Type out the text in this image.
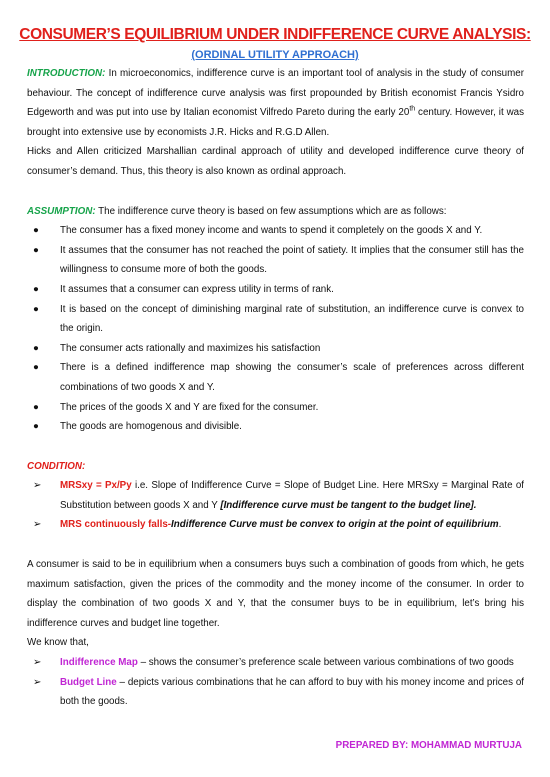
CONSUMER’S EQUILIBRIUM UNDER INDIFFERENCE CURVE ANALYSIS:
(ORDINAL UTILITY APPROACH)

INTRODUCTION: In microeconomics, indifference curve is an important tool of analysis in the study of consumer behaviour. The concept of indifference curve analysis was first propounded by British economist Francis Ysidro Edgeworth and was put into use by Italian economist Vilfredo Pareto during the early 20th century. However, it was brought into extensive use by economists J.R. Hicks and R.G.D Allen.

Hicks and Allen criticized Marshallian cardinal approach of utility and developed indifference curve theory of consumer’s demand. Thus, this theory is also known as ordinal approach.

ASSUMPTION: The indifference curve theory is based on few assumptions which are as follows:

● The consumer has a fixed money income and wants to spend it completely on the goods X and Y.
● It assumes that the consumer has not reached the point of satiety. It implies that the consumer still has the willingness to consume more of both the goods.
● It assumes that a consumer can express utility in terms of rank.
● It is based on the concept of diminishing marginal rate of substitution, an indifference curve is convex to the origin.
● The consumer acts rationally and maximizes his satisfaction
● There is a defined indifference map showing the consumer’s scale of preferences across different combinations of two goods X and Y.
● The prices of the goods X and Y are fixed for the consumer.
● The goods are homogenous and divisible.

CONDITION:

➢ MRSxy = Px/Py i.e. Slope of Indifference Curve = Slope of Budget Line. Here MRSxy = Marginal Rate of Substitution between goods X and Y [Indifference curve must be tangent to the budget line].
➢ MRS continuously falls-Indifference Curve must be convex to origin at the point of equilibrium.

A consumer is said to be in equilibrium when a consumers buys such a combination of goods from which, he gets maximum satisfaction, given the prices of the commodity and the money income of the consumer. In order to display the combination of two goods X and Y, that the consumer buys to be in equilibrium, let’s bring his indifference curves and budget line together.

We know that,

➢ Indifference Map – shows the consumer’s preference scale between various combinations of two goods
➢ Budget Line – depicts various combinations that he can afford to buy with his money income and prices of both the goods.
PREPARED BY: MOHAMMAD MURTUJA
